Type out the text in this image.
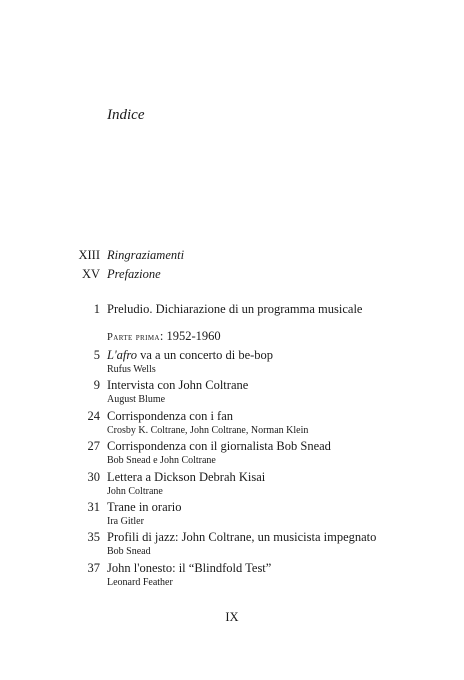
Indice
XIII Ringraziamenti
XV Prefazione
1 Preludio. Dichiarazione di un programma musicale
Parte prima: 1952-1960
5 L'afro va a un concerto di be-bop
Rufus Wells
9 Intervista con John Coltrane
August Blume
24 Corrispondenza con i fan
Crosby K. Coltrane, John Coltrane, Norman Klein
27 Corrispondenza con il giornalista Bob Snead
Bob Snead e John Coltrane
30 Lettera a Dickson Debrah Kisai
John Coltrane
31 Trane in orario
Ira Gitler
35 Profili di jazz: John Coltrane, un musicista impegnato
Bob Snead
37 John l'onesto: il “Blindfold Test”
Leonard Feather
IX
